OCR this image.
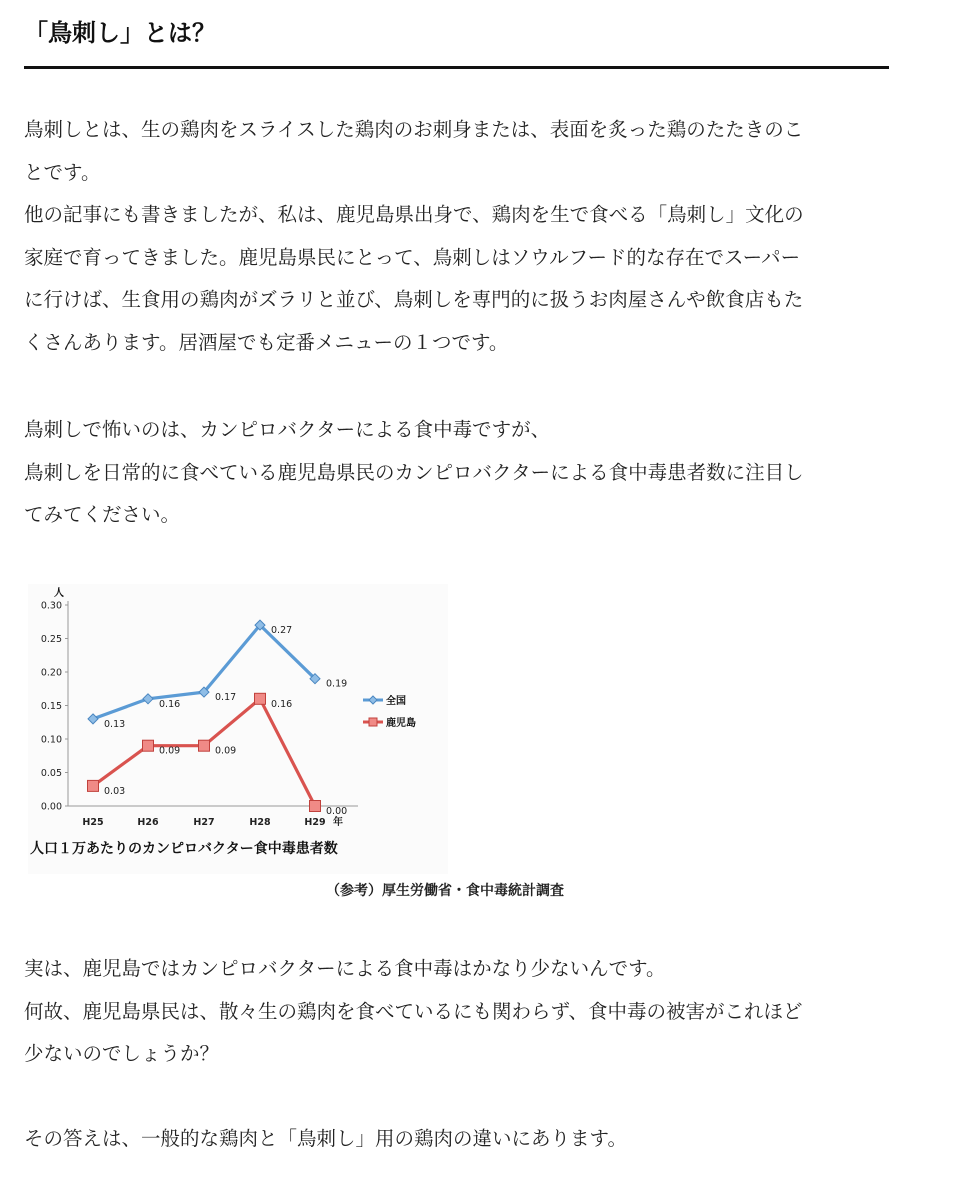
「鳥刺し」とは？

鳥刺しとは、生の鶏肉をスライスした鶏肉のお刺身または、表面を炙った鶏のたたきのこ
とです。
他の記事にも書きましたが、私は、鹿児島県出身で、鶏肉を生で食べる「鳥刺し」文化の
家庭で育ってきました。鹿児島県民にとって、鳥刺しはソウルフード的な存在でスーパー
に行けば、生食用の鶏肉がズラリと並び、鳥刺しを専門的に扱うお肉屋さんや飲食店もた
くさんあります。居酒屋でも定番メニューの１つです。

鳥刺しで怖いのは、カンピロバクターによる食中毒ですが、
鳥刺しを日常的に食べている鹿児島県民のカンピロバクターによる食中毒患者数に注目し
てみてください。

人
0.00
0.05
0.10
0.15
0.20
0.25
0.30
H25	H26	H27	H28	H29 年
0.13
0.16
0.17
0.27
0.19
全国
0.03
0.09	0.09
0.16
0.00
鹿児島
人口１万あたりのカンピロバクター食中毒患者数
（参考）厚生労働省・食中毒統計調査

実は、鹿児島ではカンピロバクターによる食中毒はかなり少ないんです。
何故、鹿児島県民は、散々生の鶏肉を食べているにも関わらず、食中毒の被害がこれほど
少ないのでしょうか？

その答えは、一般的な鶏肉と「鳥刺し」用の鶏肉の違いにあります。
